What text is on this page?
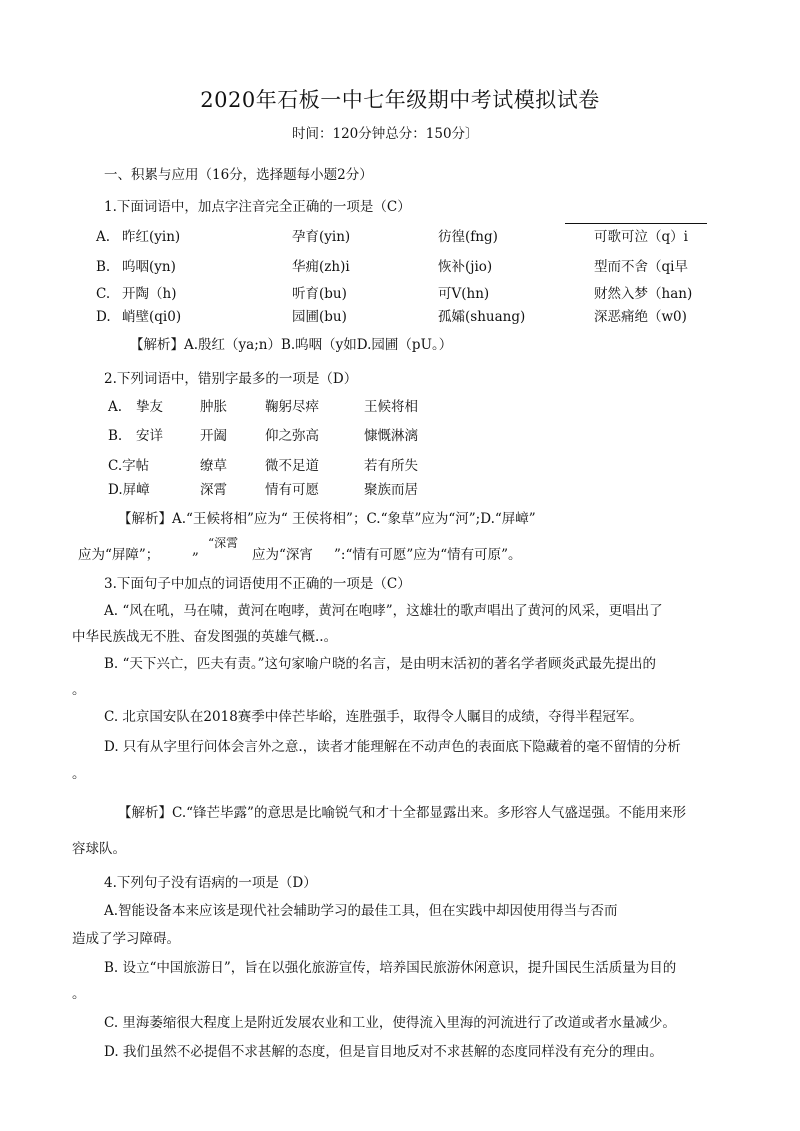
2020年石板一中七年级期中考试模拟试卷
时间：120分钟总分：150分〕
一、积累与应用（16分，选择题每小题2分）
1.下面词语中，加点字注音完全正确的一项是（C）
A. 昨红(yin)	孕育(yin)	彷徨(fng)	可歌可泣（q）i
B. 呜咽(yn)	华痈(zh)i	恢补(jio)	型而不舍（qi早
C. 开陶（h)	听育(bu)	可V(hn)	财然入梦（han)
D. 峭壁(qi0)	园圃(bu)	孤孀(shuang)	深恶痛绝（w0)
【解析】A.殷红（ya;n）B.呜咽（y如D.园圃（pU。）
2.下列词语中，错别字最多的一项是（D）
A. 挚友	肿胀	鞠躬尽瘁	王候将相
B. 安详	开阖	仰之弥高	慷慨淋漓
C.字帖	缭草	微不足道	若有所失
D.屏嶂	深霄	情有可愿	聚族而居
【解析】A.“王候将相”应为“ 王侯将相”；C.“象草”应为“河”;D.“屏嶂”
应为“屏障”； „ “深霄
应为“深宵 ”:“情有可愿”应为“情有可原”。
3.下面句子中加点的词语使用不正确的一项是（C）
A. “风在吼，马在啸，黄河在咆哮，黄河在咆哮”，这雄壮的歌声唱出了黄河的风采，更唱出了
中华民族战无不胜、奋发图强的英雄气概..。
B. “天下兴亡，匹夫有责。”这句家喻户晓的名言，是由明末活初的著名学者顾炎武最先提出的
。
C. 北京国安队在2018赛季中倖芒毕峪，连胜强手，取得令人瞩目的成绩，夺得半程冠军。
D. 只有从字里行问体会言外之意.，读者才能理解在不动声色的表面底下隐藏着的毫不留情的分析
。
【解析】C.“锋芒毕露”的意思是比喻锐气和才十全都显露出来。多形容人气盛逞强。不能用来形
容球队。
4.下列句子没有语病的一项是（D）
A.智能设备本来应该是现代社会辅助学习的最佳工具，但在实践中却因使用得当与否而
造成了学习障碍。
B. 设立“中国旅游日”，旨在以强化旅游宣传，培养国民旅游休闲意识，提升国民生活质量为目的
。
C. 里海萎缩很大程度上是附近发展农业和工业，使得流入里海的河流进行了改道或者水量减少。
D. 我们虽然不必提倡不求甚解的态度，但是盲目地反对不求甚解的态度同样没有充分的理由。
